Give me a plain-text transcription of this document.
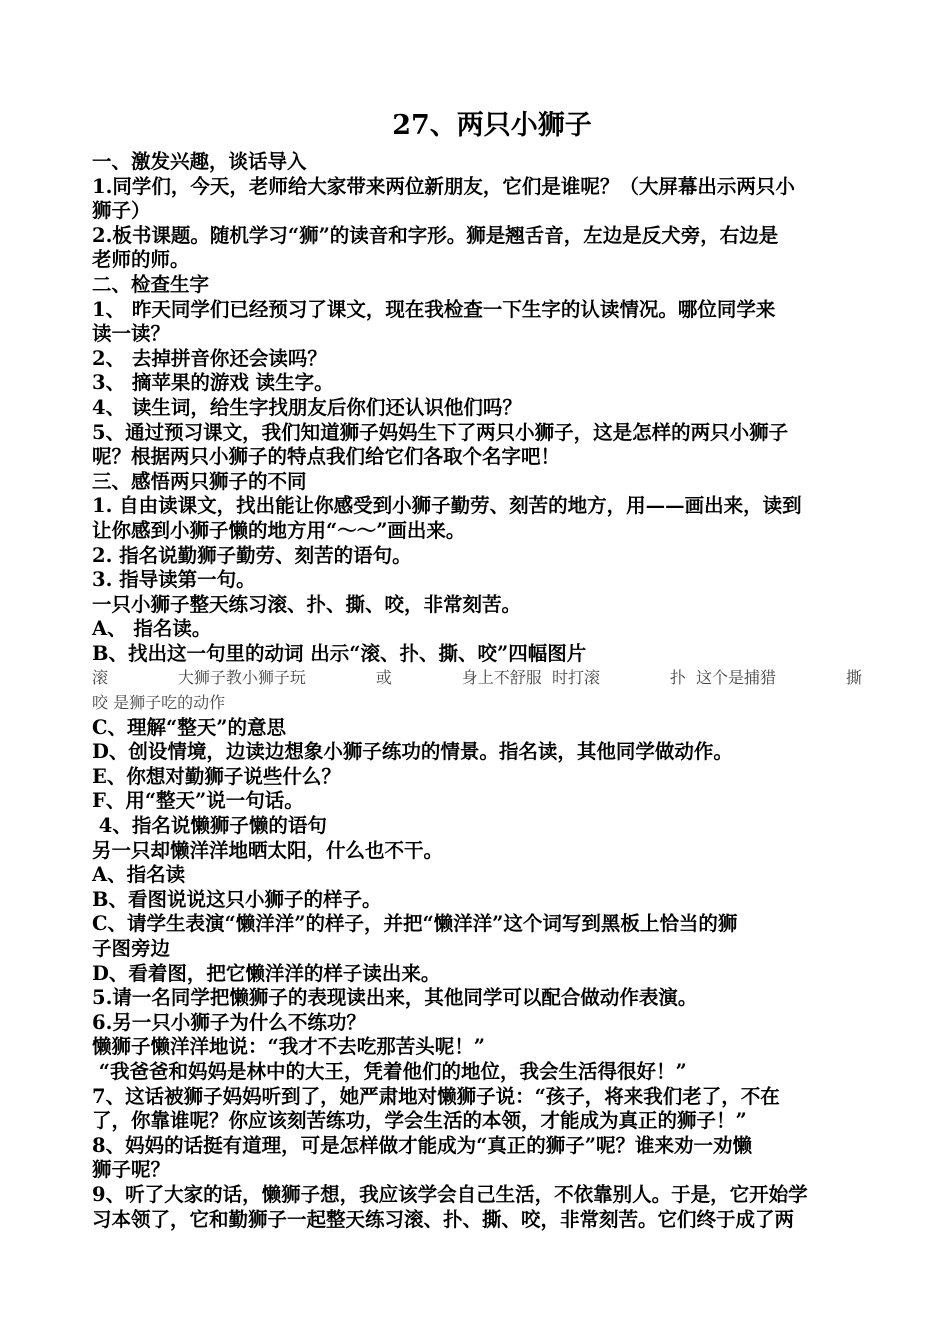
27、两只小狮子

一、激发兴趣，谈话导入

1.同学们，今天，老师给大家带来两位新朋友，它们是谁呢？（大屏幕出示两只小

狮子）

2.板书课题。随机学习“狮”的读音和字形。狮是翘舌音，左边是反犬旁，右边是

老师的师。

二、检查生字

1、 昨天同学们已经预习了课文，现在我检查一下生字的认读情况。哪位同学来

读一读？

2、 去掉拼音你还会读吗？

3、 摘苹果的游戏 读生字。

4、 读生词，给生字找朋友后你们还认识他们吗？

5、通过预习课文，我们知道狮子妈妈生下了两只小狮子，这是怎样的两只小狮子

呢？根据两只小狮子的特点我们给它们各取个名字吧！

三、感悟两只狮子的不同

1. 自由读课文，找出能让你感受到小狮子勤劳、刻苦的地方，用——画出来，读到

让你感到小狮子懒的地方用“～～”画出来。

2. 指名说勤狮子勤劳、刻苦的语句。

3. 指导读第一句。

一只小狮子整天练习滚、扑、撕、咬，非常刻苦。

A、 指名读。

B、找出这一句里的动词 出示“滚、扑、撕、咬”四幅图片

滚	大狮子教小狮子玩	或	身上不舒服  时打滚	扑  这个是捕猎	撕

咬 是狮子吃的动作

C、理解“整天”的意思

D、创设情境，边读边想象小狮子练功的情景。指名读，其他同学做动作。

E、你想对勤狮子说些什么？

F、用“整天”说一句话。

4、指名说懒狮子懒的语句

另一只却懒洋洋地晒太阳，什么也不干。

A、指名读

B、看图说说这只小狮子的样子。

C、请学生表演“懒洋洋”的样子，并把“懒洋洋”这个词写到黑板上恰当的狮

子图旁边

D、看着图，把它懒洋洋的样子读出来。

5.请一名同学把懒狮子的表现读出来，其他同学可以配合做动作表演。

6.另一只小狮子为什么不练功？

懒狮子懒洋洋地说：“我才不去吃那苦头呢！”

“我爸爸和妈妈是林中的大王，凭着他们的地位，我会生活得很好！”

7、这话被狮子妈妈听到了，她严肃地对懒狮子说：“孩子，将来我们老了，不在

了，你靠谁呢？你应该刻苦练功，学会生活的本领，才能成为真正的狮子！”

8、妈妈的话挺有道理，可是怎样做才能成为“真正的狮子”呢？谁来劝一劝懒

狮子呢？

9、听了大家的话，懒狮子想，我应该学会自己生活，不依靠别人。于是，它开始学

习本领了，它和勤狮子一起整天练习滚、扑、撕、咬，非常刻苦。它们终于成了两
